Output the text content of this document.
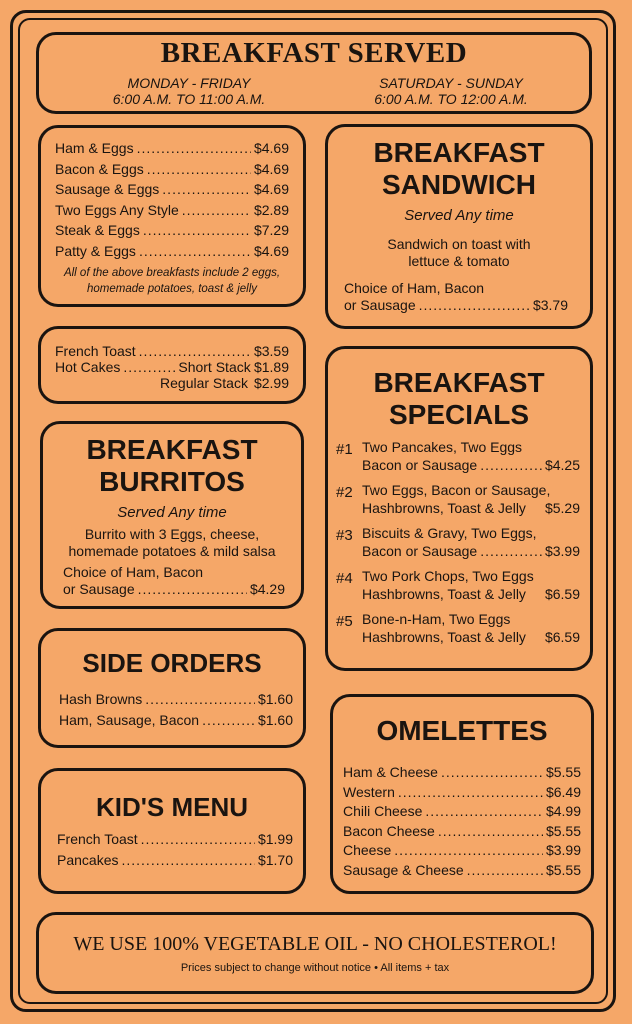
BREAKFAST SERVED
MONDAY - FRIDAY
6:00 A.M. TO 11:00 A.M.
SATURDAY - SUNDAY
6:00 A.M. TO 12:00 A.M.
Ham & Eggs .....	$4.69
Bacon & Eggs .....	$4.69
Sausage & Eggs .....	$4.69
Two Eggs Any Style .....	$2.89
Steak & Eggs .....	$7.29
Patty & Eggs .....	$4.69
All of the above breakfasts include 2 eggs,
homemade potatoes, toast & jelly
French Toast .....	$3.59
Hot Cakes .....	Short Stack $1.89
Regular Stack $2.99
BREAKFAST
BURRITOS
Served Any time
Burrito with 3 Eggs, cheese,
homemade potatoes & mild salsa
Choice of Ham, Bacon
or Sausage .....	$4.29
SIDE ORDERS
Hash Browns .....	$1.60
Ham, Sausage, Bacon .....	$1.60
KID'S MENU
French Toast .....	$1.99
Pancakes .....	$1.70
BREAKFAST
SANDWICH
Served Any time
Sandwich on toast with
lettuce & tomato
Choice of Ham, Bacon
or Sausage .....	$3.79
BREAKFAST
SPECIALS
#1 Two Pancakes, Two Eggs
Bacon or Sausage .....	$4.25
#2 Two Eggs, Bacon or Sausage,
Hashbrowns, Toast & Jelly $5.29
#3 Biscuits & Gravy, Two Eggs,
Bacon or Sausage .....	$3.99
#4 Two Pork Chops, Two Eggs
Hashbrowns, Toast & Jelly $6.59
#5 Bone-n-Ham, Two Eggs
Hashbrowns, Toast & Jelly $6.59
OMELETTES
Ham & Cheese .....	$5.55
Western .....	$6.49
Chili Cheese .....	$4.99
Bacon Cheese .....	$5.55
Cheese .....	$3.99
Sausage & Cheese .....	$5.55
WE USE 100% VEGETABLE OIL - NO CHOLESTEROL!
Prices subject to change without notice • All items + tax
